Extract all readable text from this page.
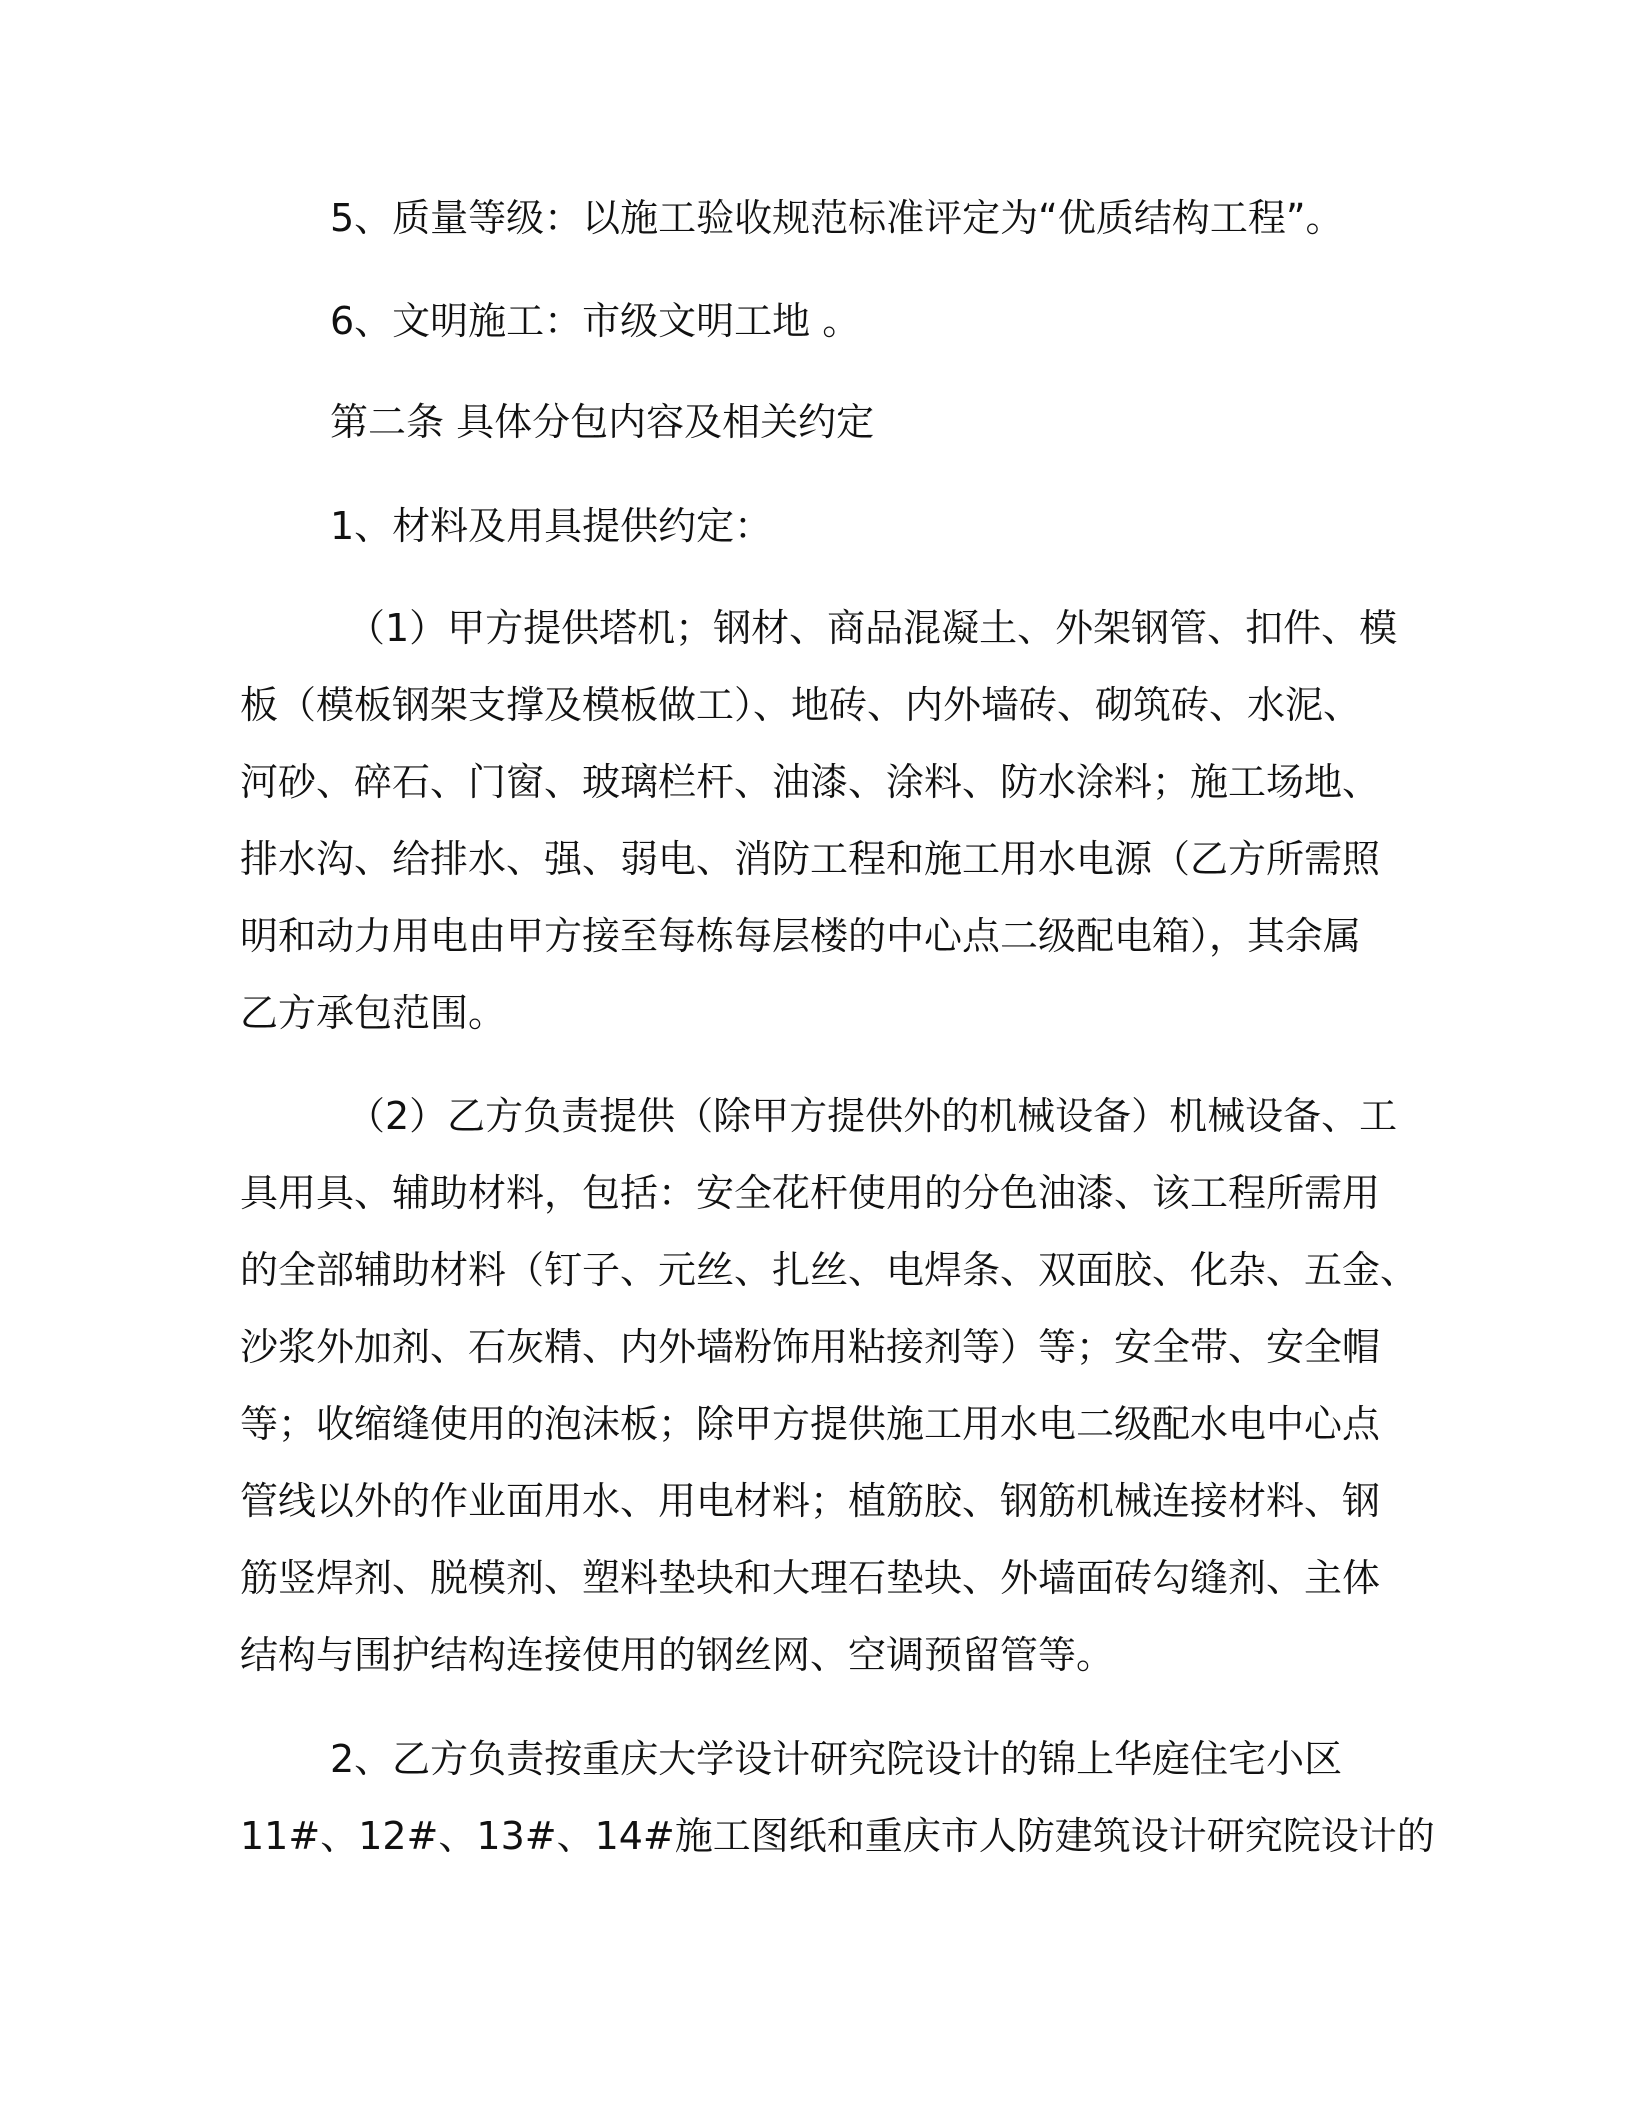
5、质量等级：以施工验收规范标准评定为“优质结构工程”。

6、文明施工：市级文明工地 。

第二条 具体分包内容及相关约定

1、材料及用具提供约定：

（1）甲方提供塔机；钢材、商品混凝土、外架钢管、扣件、模

板（模板钢架支撑及模板做工）、地砖、内外墙砖、砌筑砖、水泥、

河砂、碎石、门窗、玻璃栏杆、油漆、涂料、防水涂料；施工场地、

排水沟、给排水、强、弱电、消防工程和施工用水电源（乙方所需照

明和动力用电由甲方接至每栋每层楼的中心点二级配电箱），其余属

乙方承包范围。

（2）乙方负责提供（除甲方提供外的机械设备）机械设备、工

具用具、辅助材料，包括：安全花杆使用的分色油漆、该工程所需用

的全部辅助材料（钉子、元丝、扎丝、电焊条、双面胶、化杂、五金、

沙浆外加剂、石灰精、内外墙粉饰用粘接剂等）等；安全带、安全帽

等；收缩缝使用的泡沫板；除甲方提供施工用水电二级配水电中心点

管线以外的作业面用水、用电材料；植筋胶、钢筋机械连接材料、钢

筋竖焊剂、脱模剂、塑料垫块和大理石垫块、外墙面砖勾缝剂、主体

结构与围护结构连接使用的钢丝网、空调预留管等。

2、乙方负责按重庆大学设计研究院设计的锦上华庭住宅小区

11#、12#、13#、14#施工图纸和重庆市人防建筑设计研究院设计的
